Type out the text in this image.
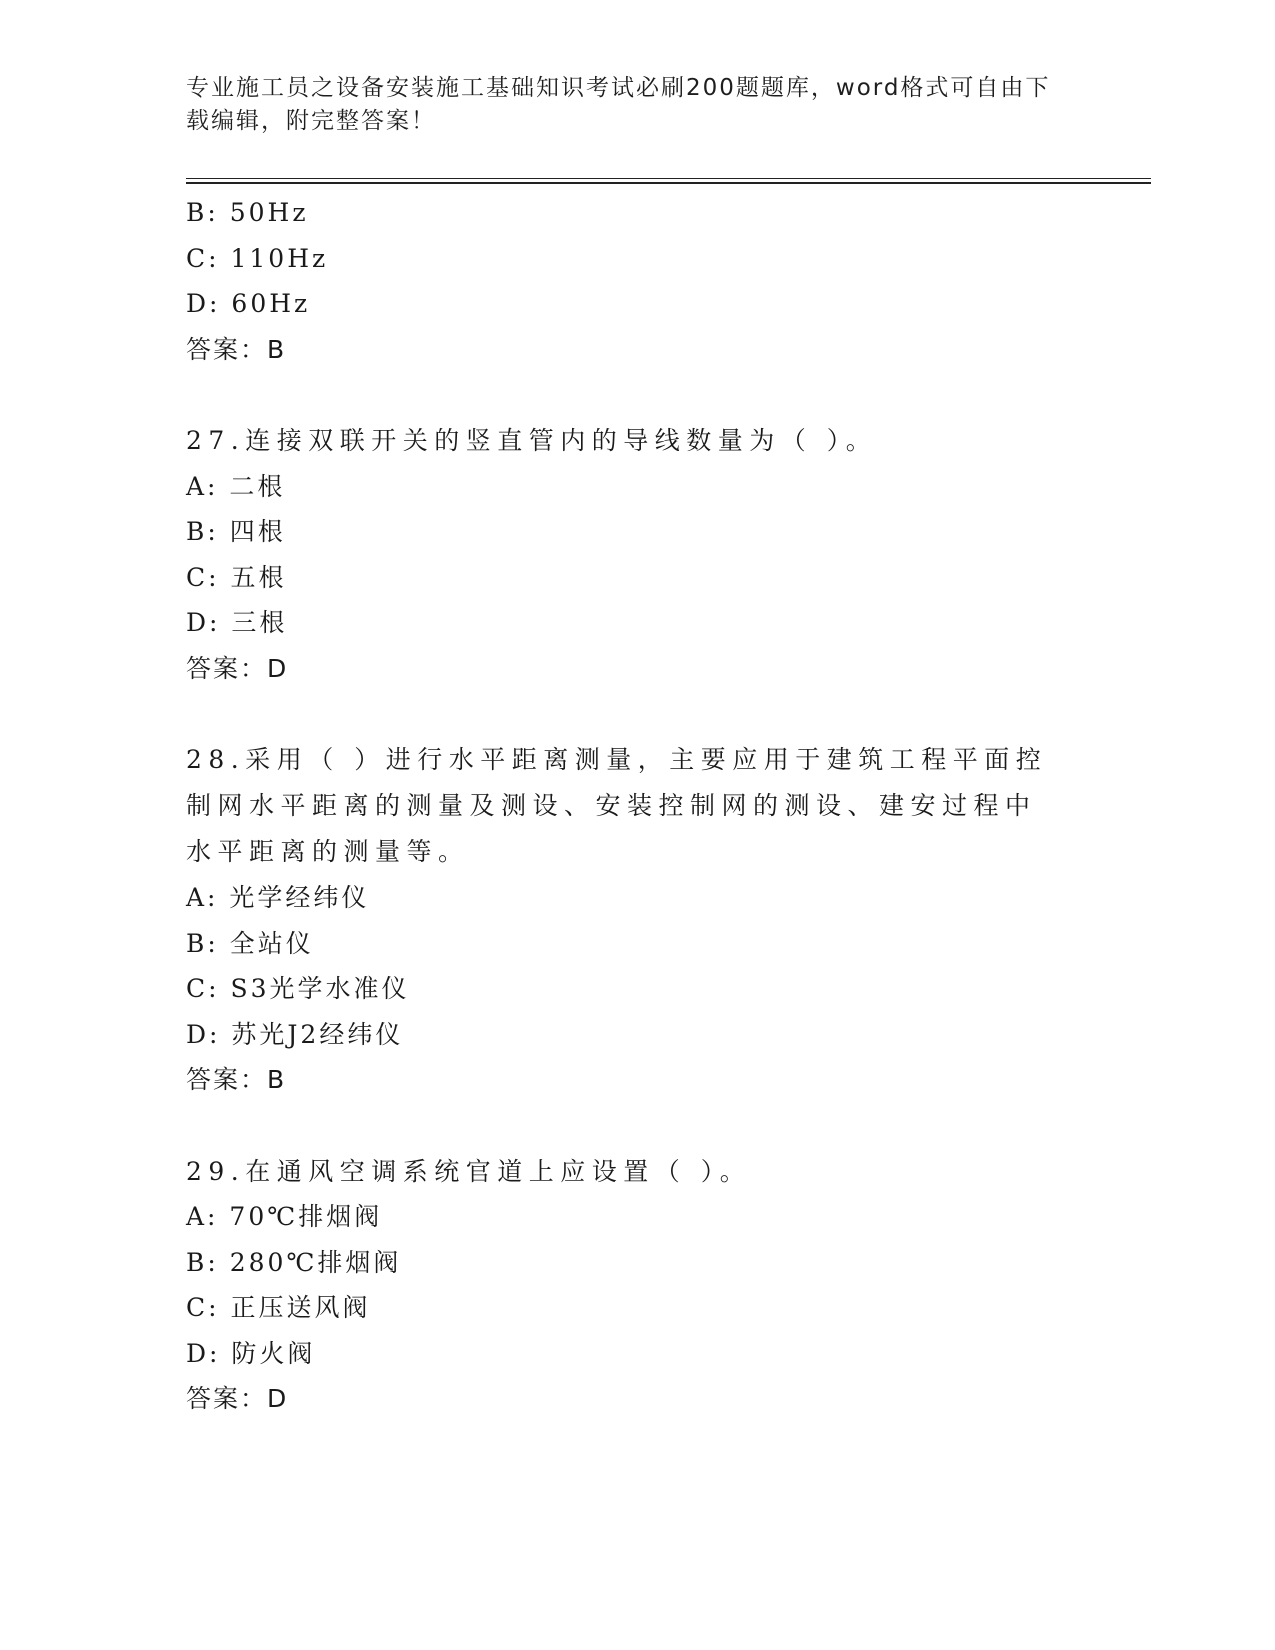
专业施工员之设备安装施工基础知识考试必刷200题题库，word格式可自由下载编辑，附完整答案！
B: 50Hz
C: 110Hz
D: 60Hz
答案：B
27.连接双联开关的竖直管内的导线数量为（ ）。
A: 二根
B: 四根
C: 五根
D: 三根
答案：D
28.采用（ ）进行水平距离测量，主要应用于建筑工程平面控制网水平距离的测量及测设、安装控制网的测设、建安过程中水平距离的测量等。
A: 光学经纬仪
B: 全站仪
C: S3光学水准仪
D: 苏光J2经纬仪
答案：B
29.在通风空调系统官道上应设置（ ）。
A: 70℃排烟阀
B: 280℃排烟阀
C: 正压送风阀
D: 防火阀
答案：D
